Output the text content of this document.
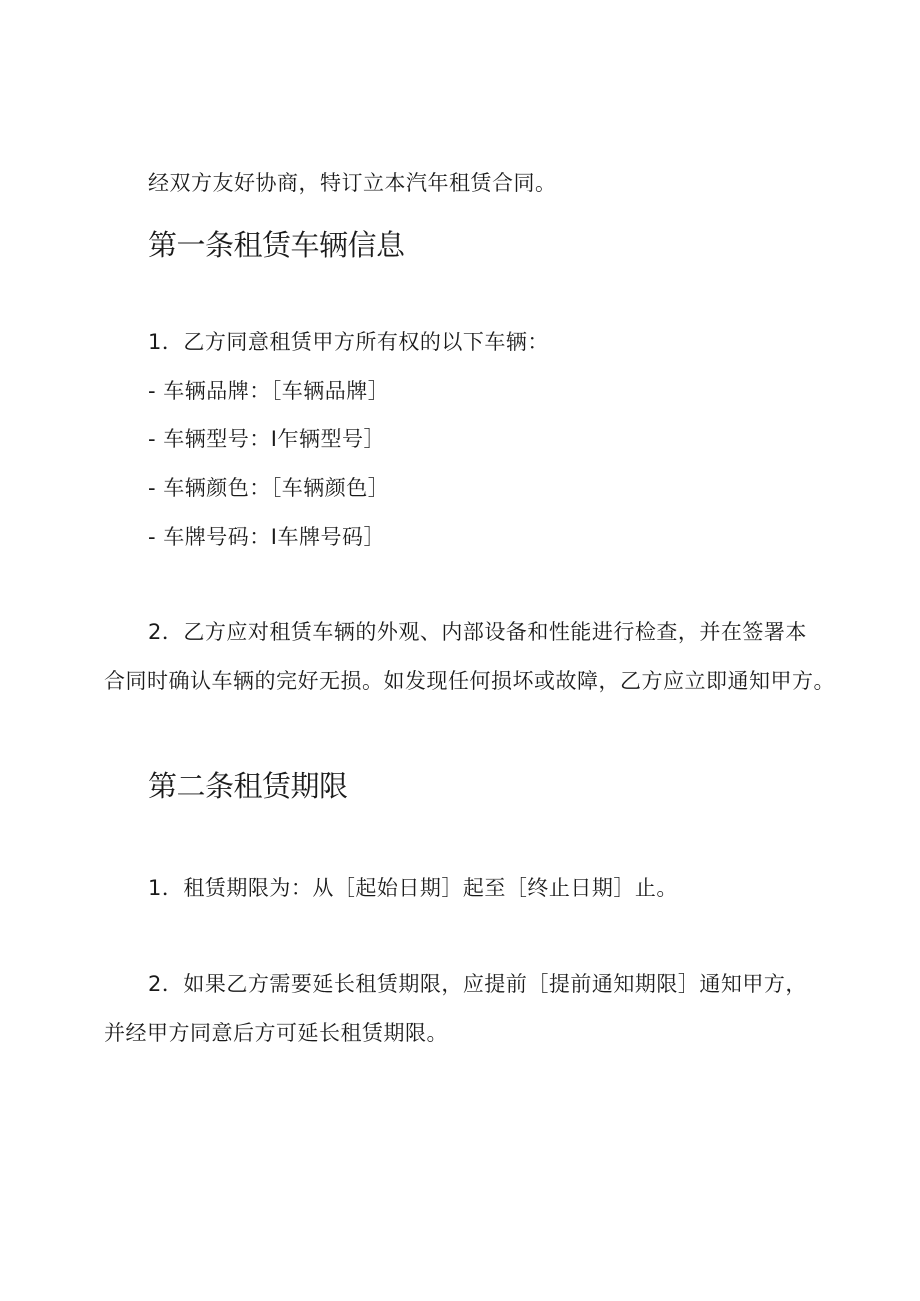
经双方友好协商，特订立本汽年租赁合同。
第一条租赁车辆信息
1．乙方同意租赁甲方所有权的以下车辆：
- 车辆品牌：［车辆品牌］
- 车辆型号：I乍辆型号］
- 车辆颜色：［车辆颜色］
- 车牌号码：I车牌号码］
2．乙方应对租赁车辆的外观、内部设备和性能进行检查，并在签署本
合同时确认车辆的完好无损。如发现任何损坏或故障，乙方应立即通知甲方。
第二条租赁期限
1．租赁期限为：从［起始日期］起至［终止日期］止。
2．如果乙方需要延长租赁期限，应提前［提前通知期限］通知甲方，
并经甲方同意后方可延长租赁期限。
